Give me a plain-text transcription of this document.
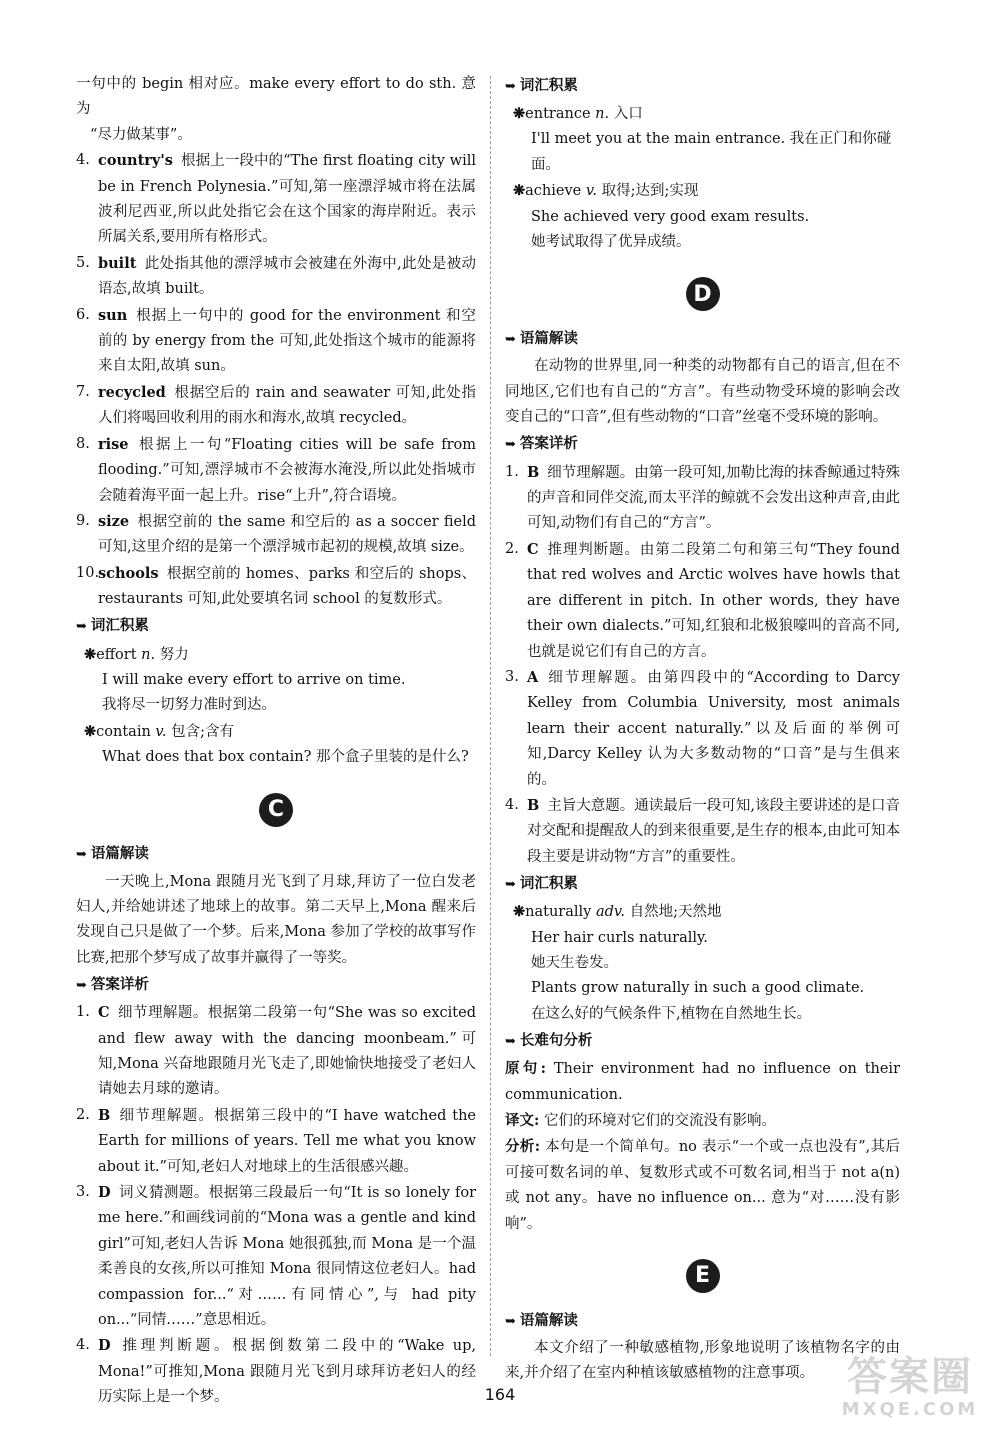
一句中的 begin 相对应。make every effort to do sth. 意为

“尽力做某事”。

4. country's 根据上一段中的“The first floating city will be in French Polynesia.”可知,第一座漂浮城市将在法属波利尼西亚,所以此处指它会在这个国家的海岸附近。表示所属关系,要用所有格形式。
5. built 此处指其他的漂浮城市会被建在外海中,此处是被动语态,故填 built。
6. sun 根据上一句中的 good for the environment 和空前的 by energy from the 可知,此处指这个城市的能源将来自太阳,故填 sun。
7. recycled 根据空后的 rain and seawater 可知,此处指人们将喝回收利用的雨水和海水,故填 recycled。
8. rise 根据上一句“Floating cities will be safe from flooding.”可知,漂浮城市不会被海水淹没,所以此处指城市会随着海平面一起上升。rise“上升”,符合语境。
9. size 根据空前的 the same 和空后的 as a soccer field 可知,这里介绍的是第一个漂浮城市起初的规模,故填 size。
10.
schools 根据空前的 homes、parks 和空后的 shops、restaurants 可知,此处要填名词 school 的复数形式。
➥ 词汇积累

❋effort n. 努力

I will make every effort to arrive on time.

我将尽一切努力准时到达。

❋contain v. 包含;含有

What does that box contain? 那个盒子里装的是什么?

C
➥ 语篇解读

一天晚上,Mona 跟随月光飞到了月球,拜访了一位白发老妇人,并给她讲述了地球上的故事。第二天早上,Mona 醒来后发现自己只是做了一个梦。后来,Mona 参加了学校的故事写作比赛,把那个梦写成了故事并赢得了一等奖。

➥ 答案详析
1. C 细节理解题。根据第二段第一句“She was so excited and flew away with the dancing moonbeam.”可知,Mona 兴奋地跟随月光飞走了,即她愉快地接受了老妇人请她去月球的邀请。
2. B 细节理解题。根据第三段中的“I have watched the Earth for millions of years. Tell me what you know about it.”可知,老妇人对地球上的生活很感兴趣。
3. D 词义猜测题。根据第三段最后一句“It is so lonely for me here.”和画线词前的“Mona was a gentle and kind girl”可知,老妇人告诉 Mona 她很孤独,而 Mona 是一个温柔善良的女孩,所以可推知 Mona 很同情这位老妇人。had compassion for...“对……有同情心”,与 had pity on...“同情……”意思相近。
4. D 推理判断题。根据倒数第二段中的“Wake up, Mona!”可推知,Mona 跟随月光飞到月球拜访老妇人的经历实际上是一个梦。
➥ 词汇积累

❋entrance n. 入口

I'll meet you at the main entrance. 我在正门和你碰面。

❋achieve v. 取得;达到;实现

She achieved very good exam results.

她考试取得了优异成绩。

D
➥ 语篇解读

在动物的世界里,同一种类的动物都有自己的语言,但在不同地区,它们也有自己的“方言”。有些动物受环境的影响会改变自己的“口音”,但有些动物的“口音”丝毫不受环境的影响。

➥ 答案详析
1. B 细节理解题。由第一段可知,加勒比海的抹香鲸通过特殊的声音和同伴交流,而太平洋的鲸就不会发出这种声音,由此可知,动物们有自己的“方言”。
2. C 推理判断题。由第二段第二句和第三句“They found that red wolves and Arctic wolves have howls that are different in pitch. In other words, they have their own dialects.”可知,红狼和北极狼嚎叫的音高不同,也就是说它们有自己的方言。
3. A 细节理解题。由第四段中的“According to Darcy Kelley from Columbia University, most animals learn their accent naturally.”以及后面的举例可知,Darcy Kelley 认为大多数动物的“口音”是与生俱来的。
4. B 主旨大意题。通读最后一段可知,该段主要讲述的是口音对交配和提醒敌人的到来很重要,是生存的根本,由此可知本段主要是讲动物“方言”的重要性。
➥ 词汇积累

❋naturally adv. 自然地;天然地

Her hair curls naturally.

她天生卷发。

Plants grow naturally in such a good climate.

在这么好的气候条件下,植物在自然地生长。

➥ 长难句分析

原句: Their environment had no influence on their communication.

译文: 它们的环境对它们的交流没有影响。

分析: 本句是一个简单句。no 表示“一个或一点也没有”,其后可接可数名词的单、复数形式或不可数名词,相当于 not a(n)或 not any。have no influence on... 意为“对……没有影响”。

E
➥ 语篇解读

本文介绍了一种敏感植物,形象地说明了该植物名字的由来,并介绍了在室内种植该敏感植物的注意事项。

164	答案圈
MXQE.COM
